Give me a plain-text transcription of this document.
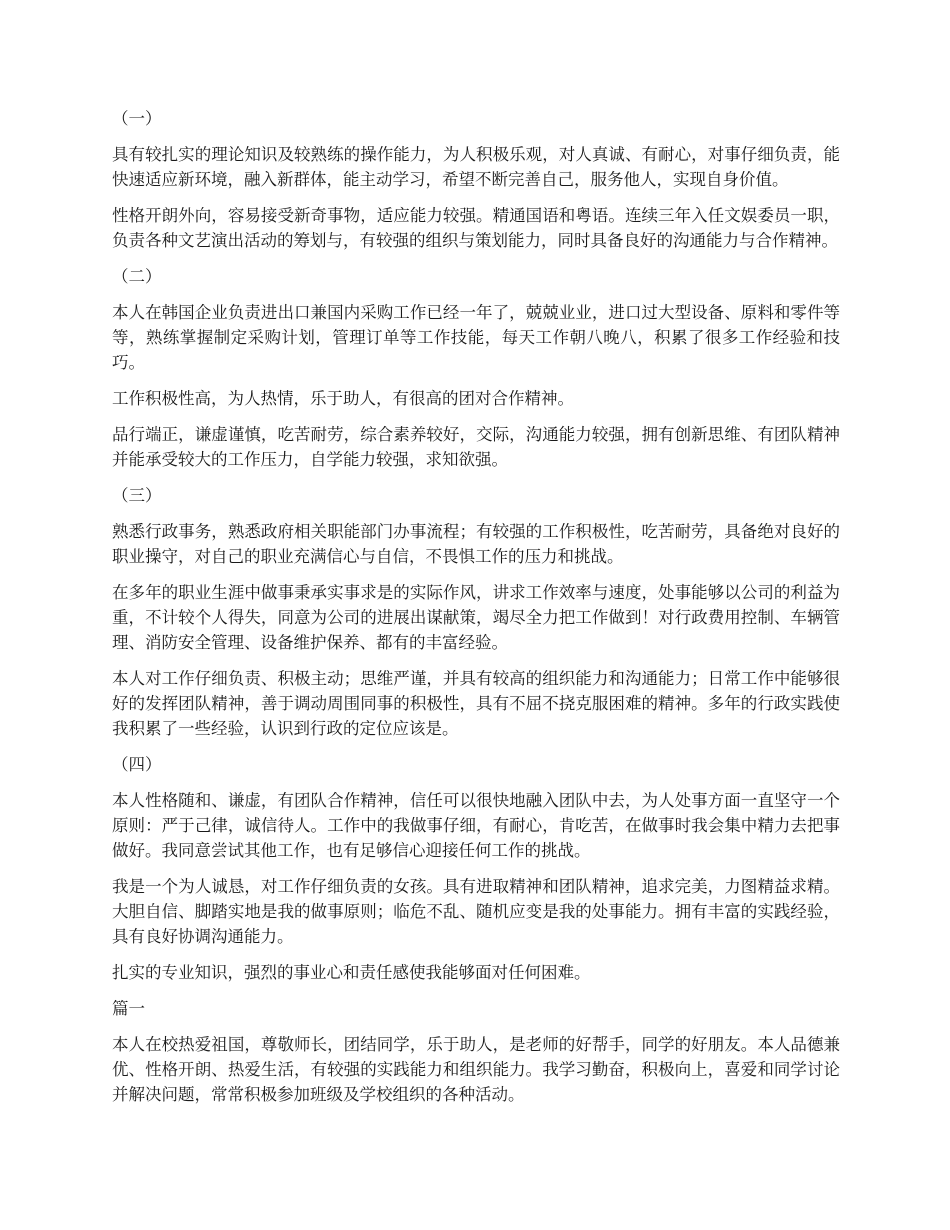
（一）

具有较扎实的理论知识及较熟练的操作能力，为人积极乐观，对人真诚、有耐心，对事仔细负责，能快速适应新环境，融入新群体，能主动学习，希望不断完善自己，服务他人，实现自身价值。

性格开朗外向，容易接受新奇事物，适应能力较强。精通国语和粤语。连续三年入任文娱委员一职，负责各种文艺演出活动的筹划与，有较强的组织与策划能力，同时具备良好的沟通能力与合作精神。

（二）

本人在韩国企业负责进出口兼国内采购工作已经一年了，兢兢业业，进口过大型设备、原料和零件等等，熟练掌握制定采购计划，管理订单等工作技能，每天工作朝八晚八，积累了很多工作经验和技巧。

工作积极性高，为人热情，乐于助人，有很高的团对合作精神。

品行端正，谦虚谨慎，吃苦耐劳，综合素养较好，交际，沟通能力较强，拥有创新思维、有团队精神并能承受较大的工作压力，自学能力较强，求知欲强。

（三）

熟悉行政事务，熟悉政府相关职能部门办事流程；有较强的工作积极性，吃苦耐劳，具备绝对良好的职业操守，对自己的职业充满信心与自信，不畏惧工作的压力和挑战。

在多年的职业生涯中做事秉承实事求是的实际作风，讲求工作效率与速度，处事能够以公司的利益为重，不计较个人得失，同意为公司的进展出谋献策，竭尽全力把工作做到！对行政费用控制、车辆管理、消防安全管理、设备维护保养、都有的丰富经验。

本人对工作仔细负责、积极主动；思维严谨，并具有较高的组织能力和沟通能力；日常工作中能够很好的发挥团队精神，善于调动周围同事的积极性，具有不屈不挠克服困难的精神。多年的行政实践使我积累了一些经验，认识到行政的定位应该是。

（四）

本人性格随和、谦虚，有团队合作精神，信任可以很快地融入团队中去，为人处事方面一直坚守一个原则：严于己律，诚信待人。工作中的我做事仔细，有耐心，肯吃苦，在做事时我会集中精力去把事做好。我同意尝试其他工作，也有足够信心迎接任何工作的挑战。

我是一个为人诚恳，对工作仔细负责的女孩。具有进取精神和团队精神，追求完美，力图精益求精。大胆自信、脚踏实地是我的做事原则；临危不乱、随机应变是我的处事能力。拥有丰富的实践经验，具有良好协调沟通能力。

扎实的专业知识，强烈的事业心和责任感使我能够面对任何困难。

篇一

本人在校热爱祖国，尊敬师长，团结同学，乐于助人，是老师的好帮手，同学的好朋友。本人品德兼优、性格开朗、热爱生活，有较强的实践能力和组织能力。我学习勤奋，积极向上，喜爱和同学讨论并解决问题，常常积极参加班级及学校组织的各种活动。
